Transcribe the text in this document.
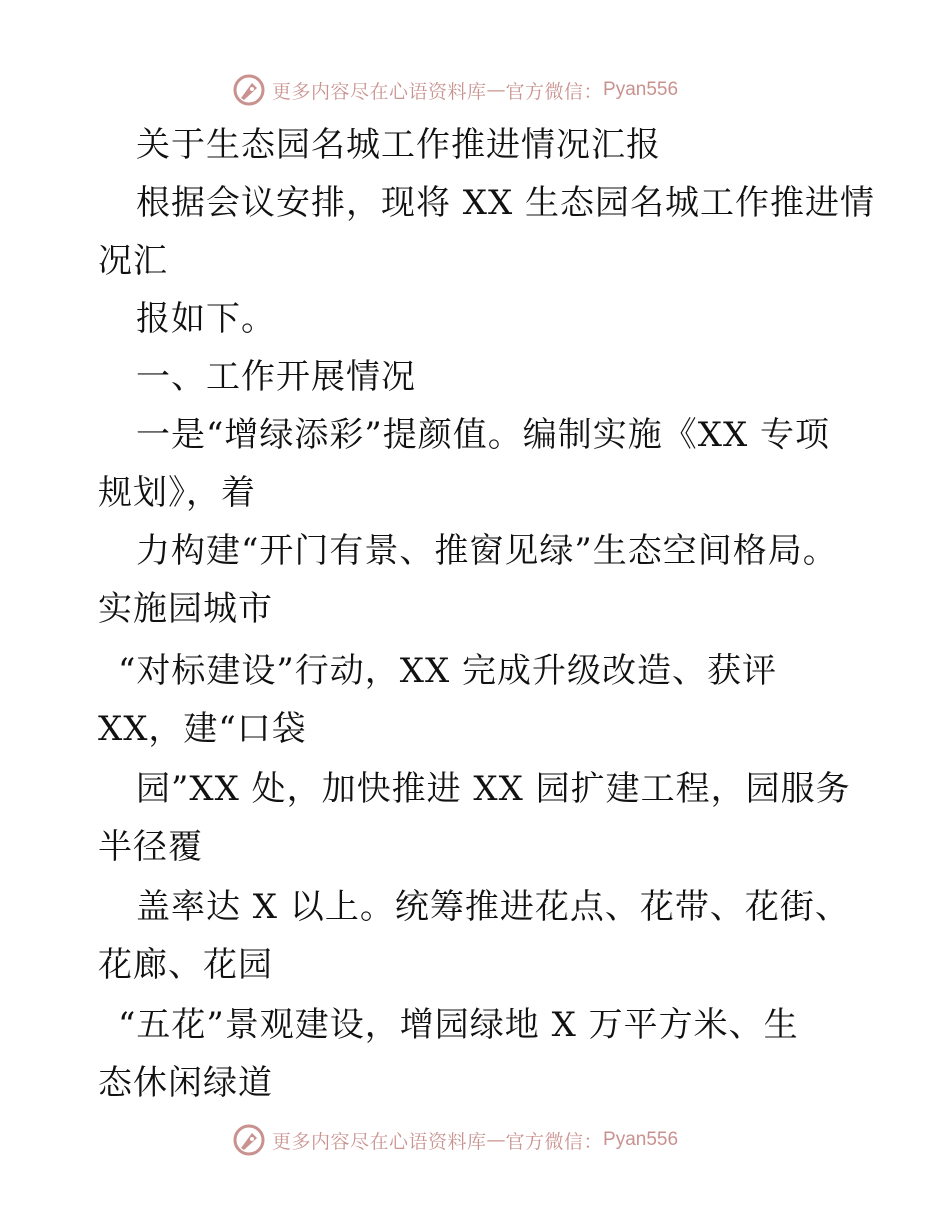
更多内容尽在心语资料库 — 官方微信： Pyan556
关于生态园名城工作推进情况汇报
根据会议安排，现将 XX 生态园名城工作推进情
况汇
报如下。
一、工作开展情况
一是“增绿添彩”提颜值。编制实施《XX 专项
规划》，着
力构建“开门有景、推窗见绿”生态空间格局。
实施园城市
“对标建设”行动，XX 完成升级改造、获评
XX，建“口袋
园”XX 处，加快推进 XX 园扩建工程，园服务
半径覆
盖率达 X 以上。统筹推进花点、花带、花街、
花廊、花园
“五花”景观建设，增园绿地 X 万平方米、生
态休闲绿道
更多内容尽在心语资料库 — 官方微信： Pyan556
